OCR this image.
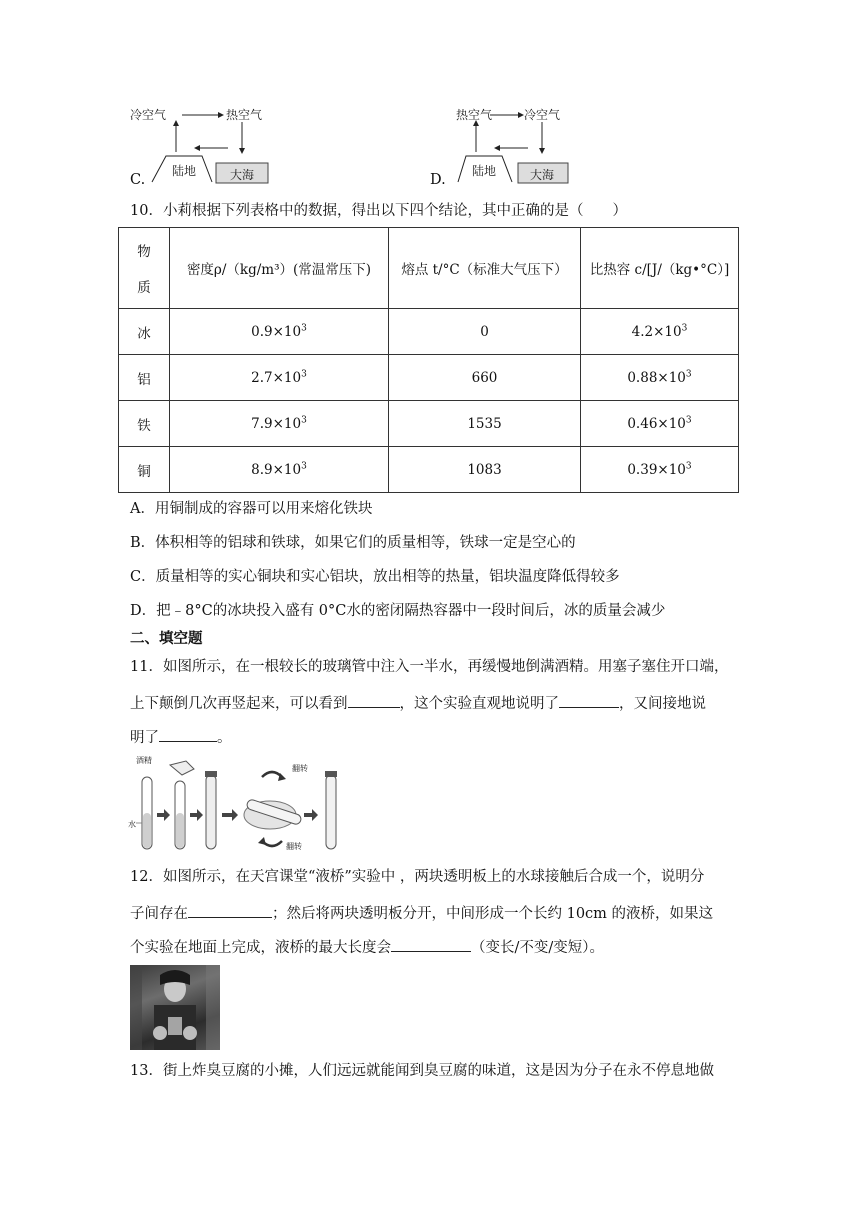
冷空气	热空气
陆地	大海
C.
热空气	冷空气
陆地	大海
D.
10．小莉根据下列表格中的数据，得出以下四个结论，其中正确的是（　　）
物
质	密度ρ/（kg/m³）(常温常压下)	熔点 t/°C（标准大气压下）	比热容 c/[J/（kg•°C）]
冰	$0.9\times 10^3$	0	$4.2\times 10^3$
铝	$2.7\times 10^3$	660	$0.88\times 10^3$
铁	$7.9\times 10^3$	1535	$0.46\times 10^3$
铜	$8.9\times 10^3$	1083	$0.39\times 10^3$
A．用铜制成的容器可以用来熔化铁块
B．体积相等的铝球和铁球，如果它们的质量相等，铁球一定是空心的
C．质量相等的实心铜块和实心铝块，放出相等的热量，铝块温度降低得较多
D．把﹣8°C的冰块投入盛有 0°C水的密闭隔热容器中一段时间后，冰的质量会减少
二、填空题
11．如图所示，在一根较长的玻璃管中注入一半水，再缓慢地倒满酒精。用塞子塞住开口端，
上下颠倒几次再竖起来，可以看到	，这个实验直观地说明了	，又间接地说
明了	。
酒精
水
翻转
翻转
12．如图所示，在天宫课堂“液桥”实验中 ，两块透明板上的水球接触后合成一个，说明分
子间存在	；然后将两块透明板分开，中间形成一个长约 10cm 的液桥，如果这
个实验在地面上完成，液桥的最大长度会	（变长/不变/变短）。
13．街上炸臭豆腐的小摊，人们远远就能闻到臭豆腐的味道，这是因为分子在永不停息地做
